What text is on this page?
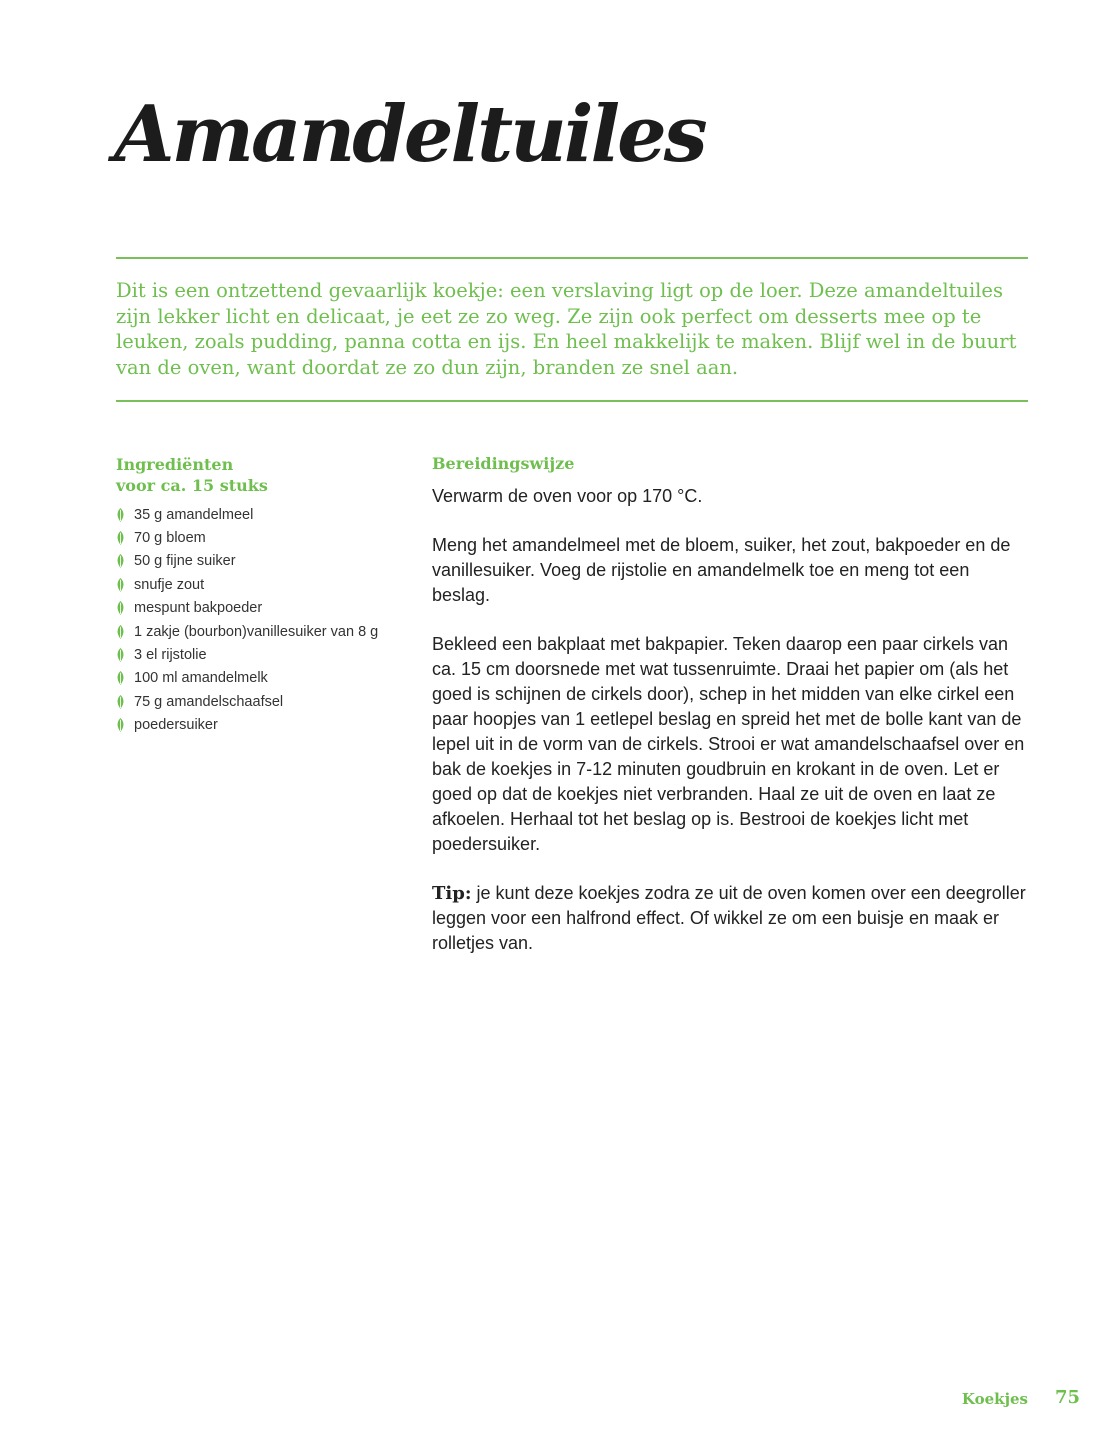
Amandeltuiles

Dit is een ontzettend gevaarlijk koekje: een verslaving ligt op de loer. Deze amandeltuiles zijn lekker licht en delicaat, je eet ze zo weg. Ze zijn ook perfect om desserts mee op te leuken, zoals pudding, panna cotta en ijs. En heel makkelijk te maken. Blijf wel in de buurt van de oven, want doordat ze zo dun zijn, branden ze snel aan.

Ingrediënten
voor ca. 15 stuks
35 g amandelmeel
70 g bloem
50 g fijne suiker
snufje zout
mespunt bakpoeder
1 zakje (bourbon)vanillesuiker van 8 g
3 el rijstolie
100 ml amandelmelk
75 g amandelschaafsel
poedersuiker
Bereidingswijze

Verwarm de oven voor op 170 °C.

Meng het amandelmeel met de bloem, suiker, het zout, bakpoeder en de vanillesuiker. Voeg de rijstolie en amandelmelk toe en meng tot een beslag.

Bekleed een bakplaat met bakpapier. Teken daarop een paar cirkels van ca. 15 cm doorsnede met wat tussenruimte. Draai het papier om (als het goed is schijnen de cirkels door), schep in het midden van elke cirkel een paar hoopjes van 1 eetlepel beslag en spreid het met de bolle kant van de lepel uit in de vorm van de cirkels. Strooi er wat amandelschaafsel over en bak de koekjes in 7-12 minuten goudbruin en krokant in de oven. Let er goed op dat de koekjes niet verbranden. Haal ze uit de oven en laat ze afkoelen. Herhaal tot het beslag op is. Bestrooi de koekjes licht met poedersuiker.

Tip: je kunt deze koekjes zodra ze uit de oven komen over een deegroller leggen voor een halfrond effect. Of wikkel ze om een buisje en maak er rolletjes van.

Koekjes 75
